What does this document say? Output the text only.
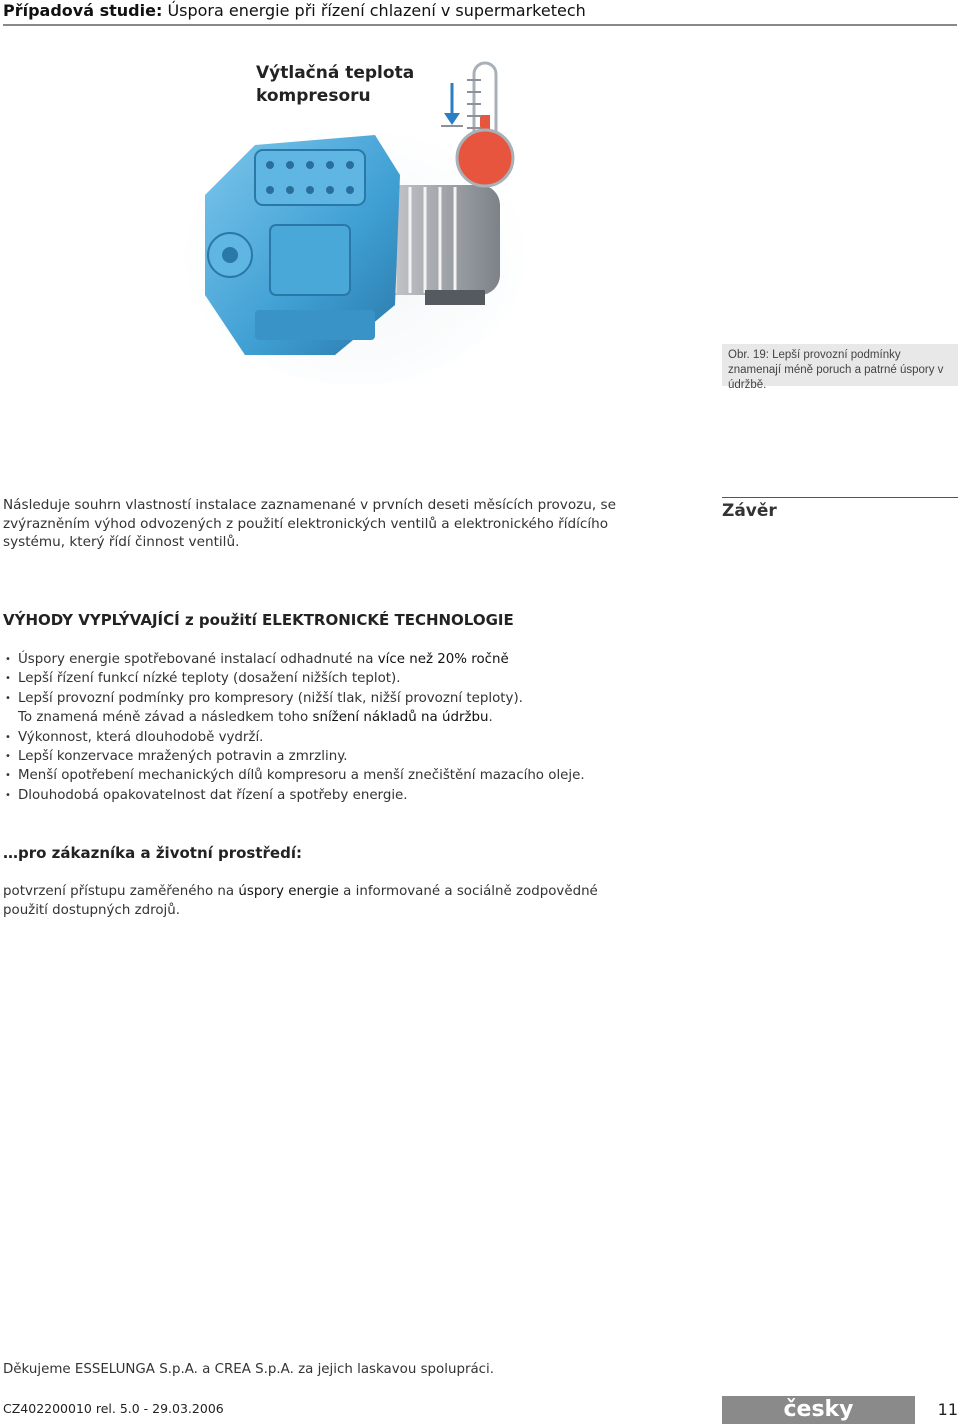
Případová studie: Úspora energie při řízení chlazení v supermarketech
Výtlačná teplota kompresoru
Obr. 19: Lepší provozní podmínky znamenají méně poruch a patrné úspory v údržbě.
Následuje souhrn vlastností instalace zaznamenané v prvních deseti měsících provozu, se zvýrazněním výhod odvozených z použití elektronických ventilů a elektronického řídícího systému, který řídí činnost ventilů.
Závěr
VÝHODY VYPLÝVAJÍCÍ z použití ELEKTRONICKÉ TECHNOLOGIE
• Úspory energie spotřebované instalací odhadnuté na více než 20% ročně
• Lepší řízení funkcí nízké teploty (dosažení nižších teplot).
• Lepší provozní podmínky pro kompresory (nižší tlak, nižší provozní teploty).
To znamená méně závad a následkem toho snížení nákladů na údržbu.
• Výkonnost, která dlouhodobě vydrží.
• Lepší konzervace mražených potravin a zmrzliny.
• Menší opotřebení mechanických dílů kompresoru a menší znečištění mazacího oleje.
• Dlouhodobá opakovatelnost dat řízení a spotřeby energie.
…pro zákazníka a životní prostředí:
potvrzení přístupu zaměřeného na úspory energie a informované a sociálně zodpovědné použití dostupných zdrojů.
Děkujeme ESSELUNGA S.p.A. a CREA S.p.A. za jejich laskavou spolupráci.
CZ402200010 rel. 5.0 - 29.03.2006	česky	11
